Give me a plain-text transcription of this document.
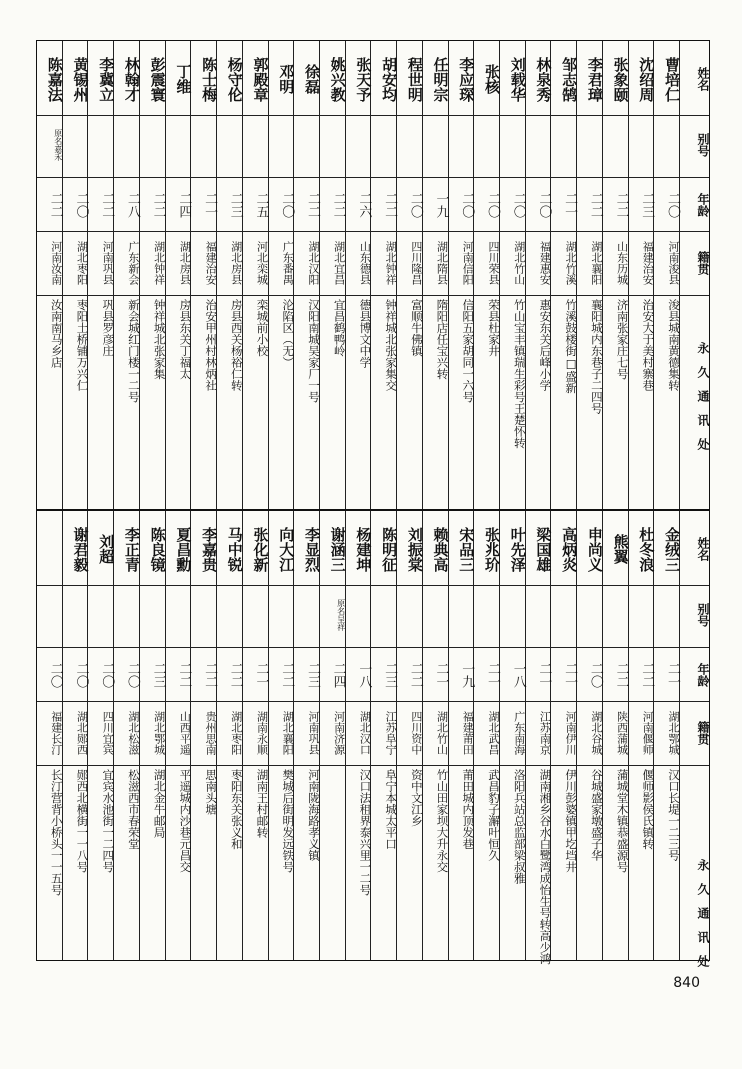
姓名
别号
年龄
籍贯
永久通讯处
曹培仁
二〇
河南浚县
浚县城南黄德集转
沈绍周
二三
福建治安
治安大于美村寨巷
张象颐
二二
山东历城
济南张家庄七号
李君璋
二二
湖北襄阳
襄阳城内东巷子二四号
邹志鹄
二一
湖北竹溪
竹溪鼓楼街□盛新
林泉秀
二〇
福建惠安
惠安东关后峰小学
刘载华
二〇
湖北竹山
竹山宝丰镇瑞生彩号王楚怀转
张核
二〇
四川荣县
荣县杜家井
李应琛
二〇
河南信阳
信阳五家胡同一六号
任明宗
一九
湖北隋县
隋阳店任宝兴转
程世明
二〇
四川隆昌
富顺牛佛镇
胡安均
二二
湖北钟祥
钟祥城北张家集交
张天予
二六
山东德县
德县博文中学
姚兴教
二二
湖北宜昌
宜昌鹤鸭岭
徐磊
二二
湖北汉阳
汉阳南城吴家厂一号
邓明
二〇
广东番禺
沦陷区（无）
郭殿章
二五
河北栾城
栾城前小校
杨守伦
二三
湖北房县
房县西关杨裕仁转
陈士梅
二一
福建治安
治安甲州村林炳社
丁维
二四
湖北房县
房县东关丁福太
彭震寰
二二
湖北钟祥
钟祥城北张家集
林翰才
二八
广东新会
新会城红门楼一二号
李冀立
二二
河南巩县
巩县罗彦庄
黄锡州
二〇
湖北枣阳
枣阳土桥铺万兴仁
陈嘉法
原名嘉禾
二二
河南汝南
汝南南马乡店
姓名
别号
年龄
籍贯
永久通讯处
金绒三
二一
湖北鄂城
汉口长堤一二三号
杜冬浪
二二
河南偃师
偃师影侯氏镇转
熊翼
二二
陕西蒲城
蒲城堂木镇恭盛源号
申尚义
二〇
湖北谷城
谷城盛家墩盛子华
高炳炎
二一
河南伊川
伊川彭婆镇甲圪垱井
梁国雄
二一
江苏南京
湖南湘乡谷水白鹭湾成怡生号转高少鸿
叶先泽
一八
广东南海
洛阳兵站总监部梁叔雅
张兆玠
二一
湖北武昌
武昌豹子澥叶恒久
宋品三
一九
福建莆田
莆田城内顶发巷
赖典高
二一
湖北竹山
竹山田家坝大升永交
刘振棠
二二
四川资中
资中文江乡
陈明征
二三
江苏阜宁
阜宁本城太平口
杨建坤
一八
湖北汉口
汉口法租界泰兴里一二号
谢涵三
原名呈祥
二四
河南济源
李显烈
二三
河南巩县
河南陇海路孝义镇
向大江
二二
湖北襄阳
樊城后街明发远铁号
张化新
二一
湖南永顺
湖南王村邮转
马中锐
二二
湖北枣阳
枣阳东关张义和
李嘉贵
二二
贵州思南
思南头塘
夏昌勳
二二
山西平遥
平遥城内沙巷元昌交
陈良镜
二三
湖北鄂城
湖北金牛邮局
李正青
二〇
湖北松滋
松滋西市春荣堂
刘超
二〇
四川宜宾
宜宾水池街一二四号
谢君毅
二〇
湖北郧西
郧西北横街一一八号
二〇
福建长汀
长汀营背小桥头一一五号
840
